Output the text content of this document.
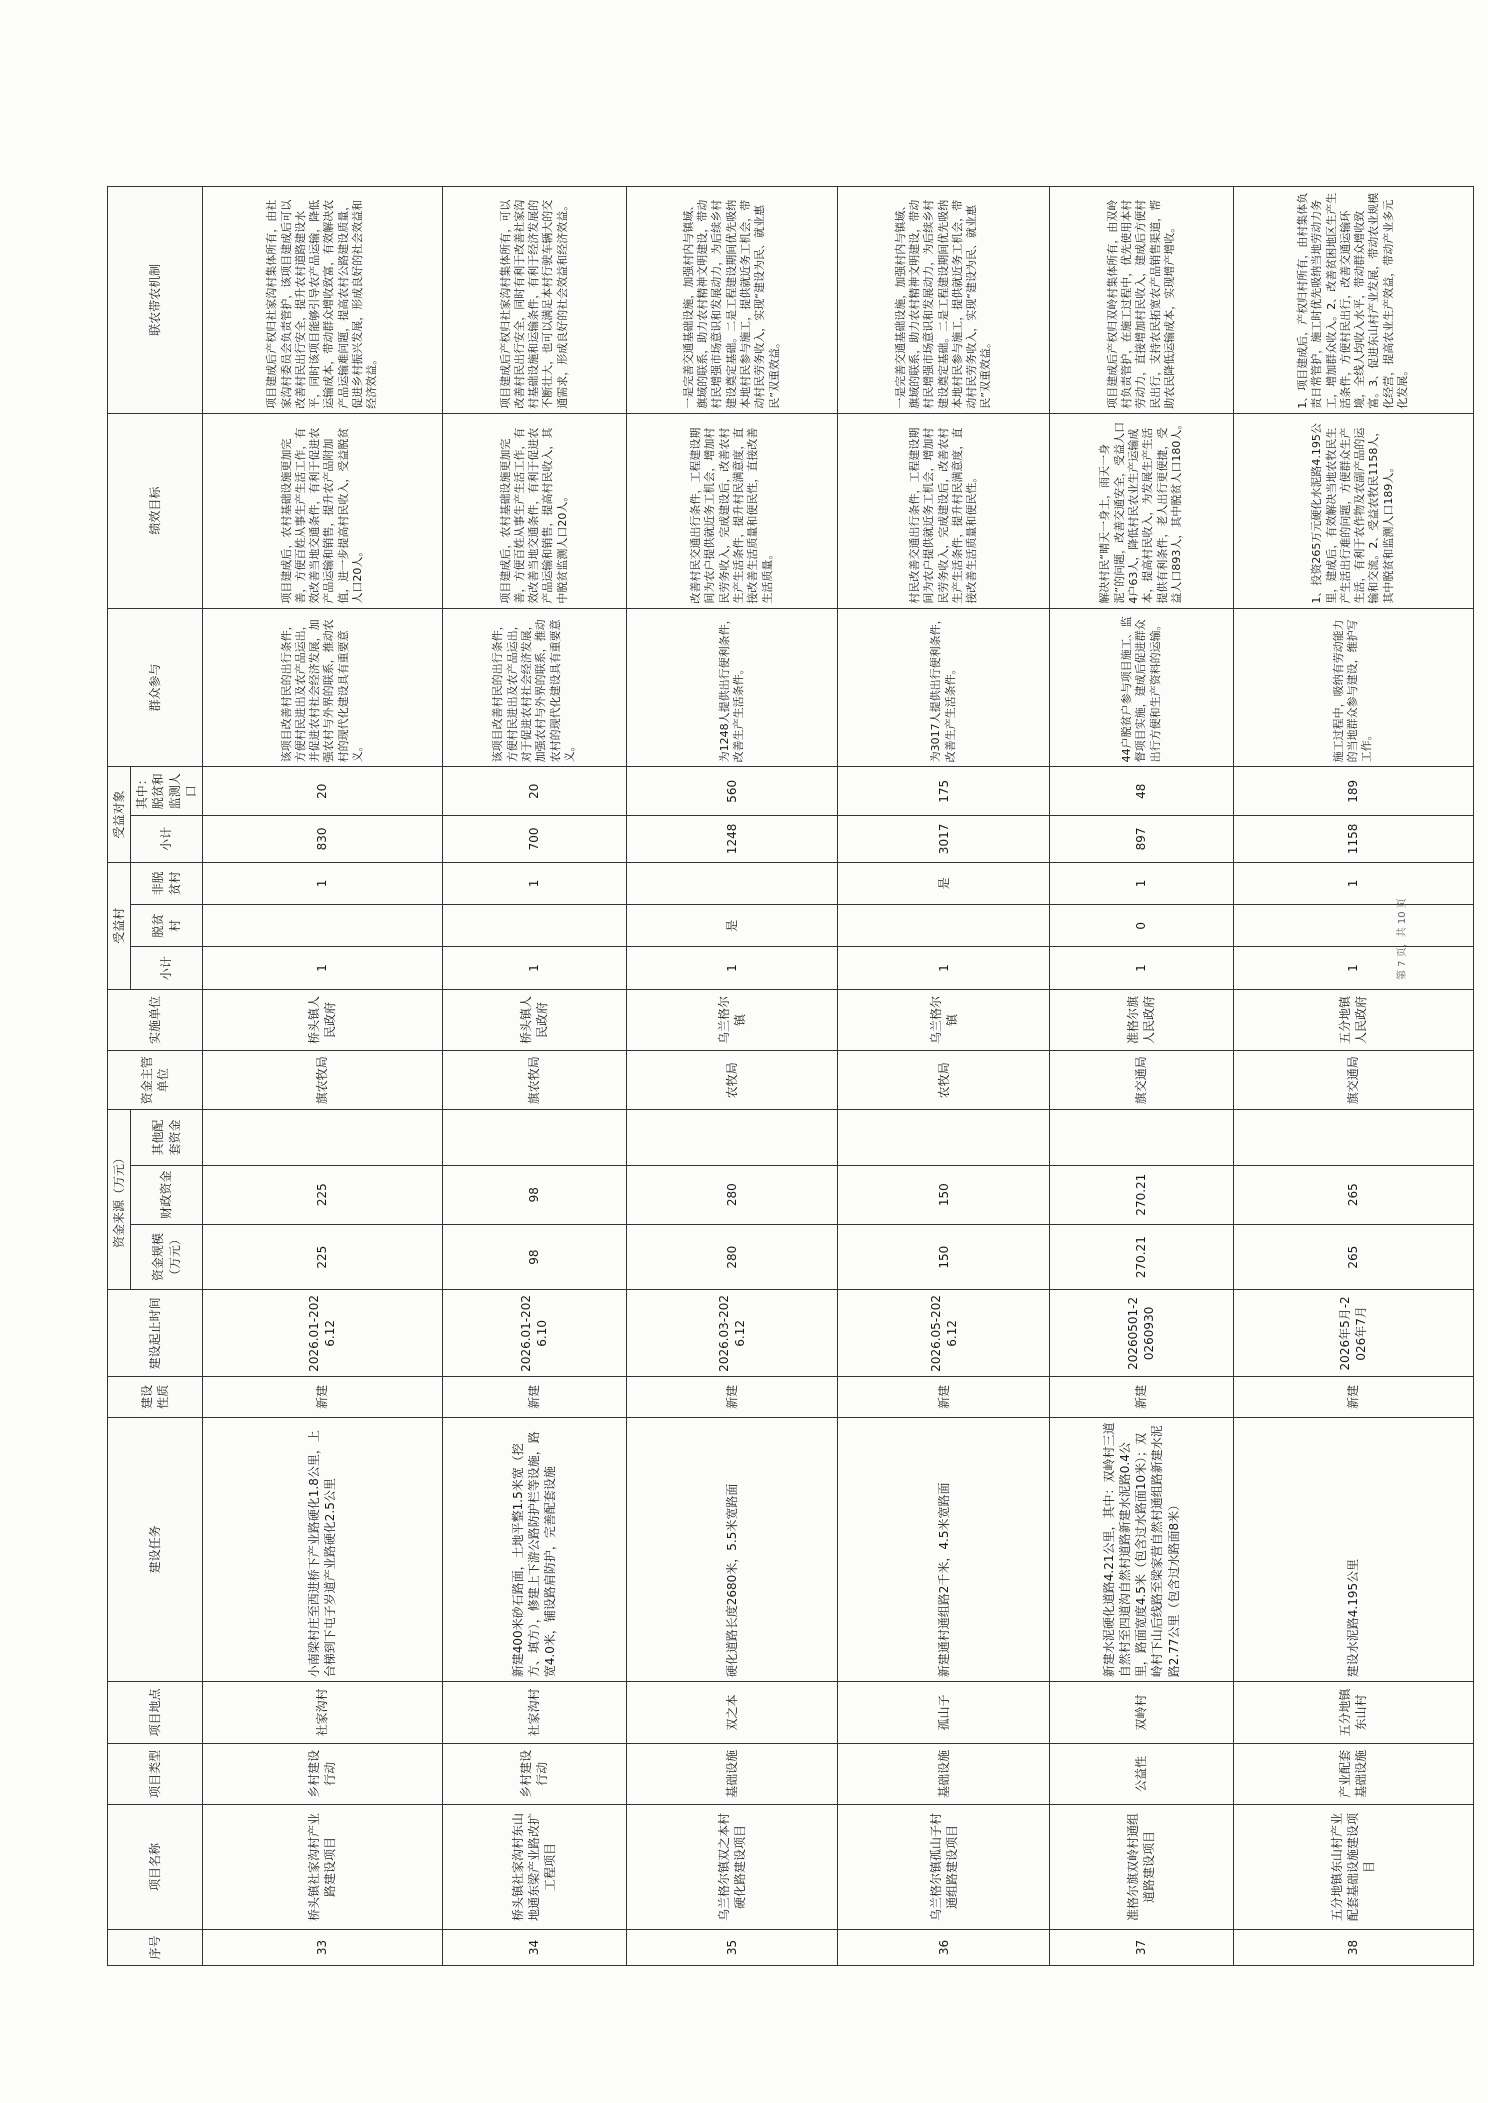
序号	项目名称	项目类型	项目地点	建设任务	建设性质	建设起止时间	资金来源（万元）			资金主管单位	实施单位	受益村			受益对象		群众参与	绩效目标	联农带农机制
							资金规模（万元）	财政资金	其他配套资金			小计	脱贫村	非脱贫村	小计	其中：脱贫和监测人口			

33	桥头镇社家沟村产业路建设项目	乡村建设行动	社家沟村	小南梁村庄至西进桥下产业路硬化1.8公里，上台梯到下屯子岁道产业路硬化2.5公里	新建	2026.01-2026.12	225	225		旗农牧局	桥头镇人民政府	1		1	830	20	该项目改善村民的出行条件，方便村民进出及农产品运出，并促进农村社会经济发展，加强农村与外界的联系，推动农村的现代化建设具有重要意义。	项目建成后，农村基础设施更加完善，方便百姓从事生产生活工作，有效改善当地交通条件，有利于促进农产品运输和销售，提升农产品附加值，进一步提高村民收入，受益脱贫人口20人。	项目建成后产权归社家沟村集体所有，由社家沟村委员会负责管护，该项目建成后可以改善村民出行安全，提升农村道路建设水平，同时该项目能够引导农产品运输，降低运输成本，带动群众增收致富，有效解决农产品运输难问题，提高农村公路建设质量，促进乡村振兴发展，形成良好的社会效益和经济效益。
34	桥头镇社家沟村东山地通东梁产业路改扩工程项目	乡村建设行动	社家沟村	新建400米砂石路面，土地平整1.5米宽（挖方、填方），修建上下游公路防护栏等设施，路宽4.0米，铺设路肩防护，完善配套设施	新建	2026.01-2026.10	98	98		旗农牧局	桥头镇人民政府	1		1	700	20	该项目改善村民的出行条件，方便村民进出及农产品运出，对于促进农村社会经济发展，加强农村与外界的联系，推动农村的现代化建设具有重要意义。	项目建成后，农村基础设施更加完善，方便百姓从事生产生活工作，有效改善当地交通条件，有利于促进农产品运输和销售，提高村民收入，其中脱贫监测人口20人。	项目建成后产权归社家沟村集体所有，可以改善村民出行安全，同时有利于改善社家沟村基础设施和运输条件，有利于经济发展的不断壮大，也可以满足本村行驶车辆大的交通需求，形成良好的社会效益和经济效益。
35	乌兰格尔镇双之本村硬化路建设项目	基础设施	双之本	硬化道路长度2680米，5.5米宽路面	新建	2026.03-2026.12	280	280		农牧局	乌兰格尔镇	1	是		1248	560	为1248人提供出行便利条件，改善生产生活条件。	改善村民交通出行条件，工程建设期间为农户提供就近务工机会，增加村民劳务收入，完成建设后，改善农村生产生活条件，提升村民满意度，直接改善生活质量和便民性，直接改善生活质量。	一是完善交通基础设施，加强村内与镇域、旗域的联系，助力农村精神文明建设，带动村民增强市场意识和发展动力，为后续乡村建设奠定基础。二是工程建设期间优先吸纳本地村民参与施工，提供就近务工机会，带动村民劳务收入，实现“建设为民、就业惠民”双重效益。
36	乌兰格尔镇孤山子村通组路建设项目	基础设施	孤山子	新建通村通组路2千米，4.5米宽路面	新建	2026.05-2026.12	150	150		农牧局	乌兰格尔镇	1		是	3017	175	为3017人提供出行便利条件，改善生产生活条件。	村民改善交通出行条件，工程建设期间为农户提供就近务工机会，增加村民劳务收入，完成建设后，改善农村生产生活条件，提升村民满意度，直接改善生活质量和便民性。	一是完善交通基础设施，加强村内与镇域、旗域的联系，助力农村精神文明建设，带动村民增强市场意识和发展动力，为后续乡村建设奠定基础。二是工程建设期间优先吸纳本地村民参与施工，提供就近务工机会，带动村民劳务收入，实现“建设为民、就业惠民”双重效益。
37	准格尔旗双岭村通组道路建设项目	公益性	双岭村	新建水泥硬化道路4.21公里，其中：双岭村三道自然村至四道沟自然村道路新建水泥路0.4公里，路面宽度4.5米（包含过水路面10米）；双岭村下山后线路至梁家营自然村通组路新建水泥路2.77公里（包含过水路面8米）	新建	20260501-20260930	270.21	270.21		旗交通局	准格尔旗人民政府	1	0	1	897	48	44户脱贫户参与项目施工、监督项目实施，建成后促进群众出行方便和生产资料的运输。	解决村民“晴天一身土，雨天一身泥”的问题，改善交通安全，受益人口4户63人，降低村民农业生产运输成本，提高村民收入，为发展生产生活提供有利条件，老人出行更便捷，受益人口893人，其中脱贫人口180人。	项目建成后产权归双岭村集体所有，由双岭村负责管护，在施工过程中，优先使用本村劳动力，直接增加村民收入，建成后方便村民出行，支持农民拓宽农产品销售渠道，帮助农民降低运输成本，实现增产增收。
38	五分地镇东山村产业配套基础设施建设项目	产业配套基础设施	五分地镇东山村	建设水泥路4.195公里	新建	2026年5月-2026年7月	265	265		旗交通局	五分地镇人民政府	1		1	1158	189	施工过程中，吸纳有劳动能力的当地群众参与建设，维护写工作。	1、投资265万元硬化水泥路4.195公里，建成后，有效解决当地农牧民生产生活出行难的问题，方便群众生产生活，有利于农作物及农副产品的运输和交流。2、受益农牧民1158人，其中脱贫和监测人口189人。	1、项目建成后，产权归村所有，由村集体负责日常管护，施工时优先吸纳当地劳动力务工，增加群众收入。2、改善贫困地区生产生活条件，方便村民出行，改善交通运输环境，全线人均收入水平，带动群众增收致富。3、促进东山村产业发展，带动农业规模化经营，提高农业生产效益，带动产业多元化发展。
第 7 页，共 10 页
